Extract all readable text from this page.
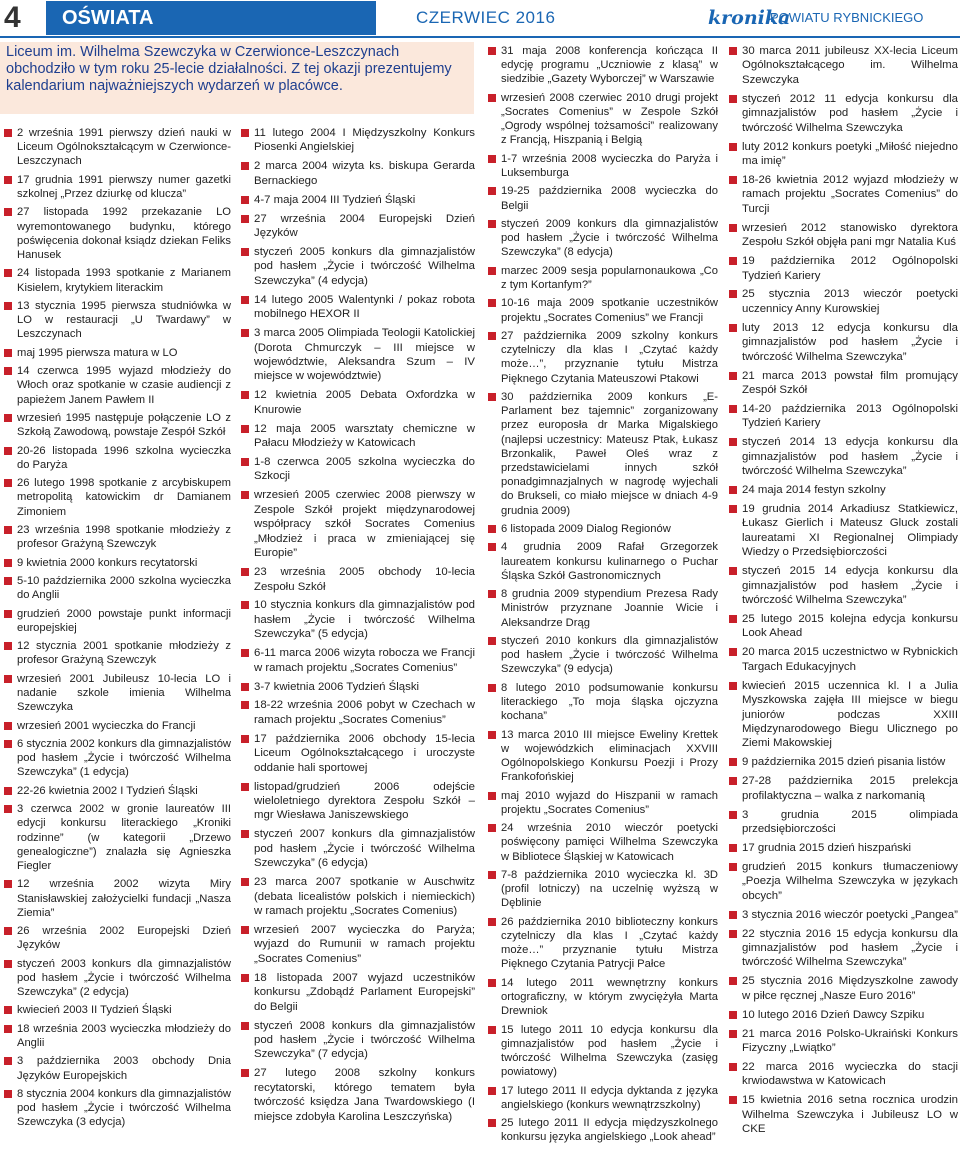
4	OŚWIATA	CZERWIEC 2016	kronika
POWIATU RYBNICKIEGO
Liceum im. Wilhelma Szewczyka w Czerwioncе-Leszczynach obchodziło w tym roku 25-lecie działalności. Z tej okazji prezentujemy kalendarium najważniejszych wydarzeń w placówce.
2 września 1991 pierwszy dzień nauki w Liceum Ogólnokształcącym w Czerwionce-Leszczynach
17 grudnia 1991 pierwszy numer gazetki szkolnej „Przez dziurkę od klucza”
27 listopada 1992 przekazanie LO wyremontowanego budynku, którego poświęcenia dokonał ksiądz dziekan Feliks Hanusek
24 listopada 1993 spotkanie z Marianem Kisielem, krytykiem literackim
13 stycznia 1995 pierwsza studniówka w LO w restauracji „U Twardawy” w Leszczynach
maj 1995 pierwsza matura w LO
14 czerwca 1995 wyjazd młodzieży do Włoch oraz spotkanie w czasie audiencji z papieżem Janem Pawłem II
wrzesień 1995 następuje połączenie LO z Szkołą Zawodową, powstaje Zespół Szkół
20-26 listopada 1996 szkolna wycieczka do Paryża
26 lutego 1998 spotkanie z arcybiskupem metropolitą katowickim dr Damianem Zimoniem
23 września 1998 spotkanie młodzieży z profesor Grażyną Szewczyk
9 kwietnia 2000 konkurs recytatorski
5-10 października 2000 szkolna wycieczka do Anglii
grudzień 2000 powstaje punkt informacji europejskiej
12 stycznia 2001 spotkanie młodzieży z profesor Grażyną Szewczyk
wrzesień 2001 Jubileusz 10-lecia LO i nadanie szkole imienia Wilhelma Szewczyka
wrzesień 2001 wycieczka do Francji
6 stycznia 2002 konkurs dla gimnazjalistów pod hasłem „Życie i twórczość Wilhelma Szewczyka” (1 edycja)
22-26 kwietnia 2002 I Tydzień Śląski
3 czerwca 2002 w gronie laureatów III edycji konkursu literackiego „Kroniki rodzinne” (w kategorii „Drzewo genealogiczne”) znalazła się Agnieszka Fiegler
12 września 2002 wizyta Miry Stanisławskiej założycielki fundacji „Nasza Ziemia”
26 września 2002 Europejski Dzień Języków
styczeń 2003 konkurs dla gimnazjalistów pod hasłem „Życie i twórczość Wilhelma Szewczyka” (2 edycja)
kwiecień 2003 II Tydzień Śląski
18 września 2003 wycieczka młodzieży do Anglii
3 października 2003 obchody Dnia Języków Europejskich
8 stycznia 2004 konkurs dla gimnazjalistów pod hasłem „Życie i twórczość Wilhelma Szewczyka (3 edycja)
11 lutego 2004 I Międzyszkolny Konkurs Piosenki Angielskiej
2 marca 2004 wizyta ks. biskupa Gerarda Bernackiego
4-7 maja 2004 III Tydzień Śląski
27 września 2004 Europejski Dzień Języków
styczeń 2005 konkurs dla gimnazjalistów pod hasłem „Życie i twórczość Wilhelma Szewczyka” (4 edycja)
14 lutego 2005 Walentynki / pokaz robota mobilnego HEXOR II
3 marca 2005 Olimpiada Teologii Katolickiej (Dorota Chmurczyk – III miejsce w województwie, Aleksandra Szum – IV miejsce w województwie)
12 kwietnia 2005 Debata Oxfordzka w Knurowie
12 maja 2005 warsztaty chemiczne w Pałacu Młodzieży w Katowicach
1-8 czerwca 2005 szkolna wycieczka do Szkocji
wrzesień 2005 czerwiec 2008 pierwszy w Zespole Szkół projekt międzynarodowej współpracy szkół Socrates Comenius „Młodzież i praca w zmieniającej się Europie”
23 września 2005 obchody 10-lecia Zespołu Szkół
10 stycznia konkurs dla gimnazjalistów pod hasłem „Życie i twórczość Wilhelma Szewczyka” (5 edycja)
6-11 marca 2006 wizyta robocza we Francji w ramach projektu „Socrates Comenius”
3-7 kwietnia 2006 Tydzień Śląski
18-22 września 2006 pobyt w Czechach w ramach projektu „Socrates Comenius”
17 października 2006 obchody 15-lecia Liceum Ogólnokształcącego i uroczyste oddanie hali sportowej
listopad/grudzień 2006 odejście wieloletniego dyrektora Zespołu Szkół – mgr Wiesława Janiszewskiego
styczeń 2007 konkurs dla gimnazjalistów pod hasłem „Życie i twórczość Wilhelma Szewczyka” (6 edycja)
23 marca 2007 spotkanie w Auschwitz (debata licealistów polskich i niemieckich) w ramach projektu „Socrates Comenius)
wrzesień 2007 wycieczka do Paryża; wyjazd do Rumunii w ramach projektu „Socrates Comenius”
18 listopada 2007 wyjazd uczestników konkursu „Zdobądź Parlament Europejski” do Belgii
styczeń 2008 konkurs dla gimnazjalistów pod hasłem „Życie i twórczość Wilhelma Szewczyka” (7 edycja)
27 lutego 2008 szkolny konkurs recytatorski, którego tematem była twórczość księdza Jana Twardowskiego (I miejsce zdobyła Karolina Leszczyńska)
31 maja 2008 konferencja kończąca II edycję programu „Uczniowie z klasą” w siedzibie „Gazety Wyborczej” w Warszawie
wrzesień 2008 czerwiec 2010 drugi projekt „Socrates Comenius” w Zespole Szkół „Ogrody wspólnej tożsamości” realizowany z Francją, Hiszpanią i Belgią
1-7 września 2008 wycieczka do Paryża i Luksemburga
19-25 października 2008 wycieczka do Belgii
styczeń 2009 konkurs dla gimnazjalistów pod hasłem „Życie i twórczość Wilhelma Szewczyka” (8 edycja)
marzec 2009 sesja popularnonaukowa „Co z tym Kortanfym?”
10-16 maja 2009 spotkanie uczestników projektu „Socrates Comenius” we Francji
27 października 2009 szkolny konkurs czytelniczy dla klas I „Czytać każdy może…”, przyznanie tytułu Mistrza Pięknego Czytania Mateuszowi Ptakowi
30 października 2009 konkurs „E-Parlament bez tajemnic” zorganizowany przez europosła dr Marka Migalskiego (najlepsi uczestnicy: Mateusz Ptak, Łukasz Brzonkalik, Paweł Oleś wraz z przedstawicielami innych szkół ponadgimnazjalnych w nagrodę wyjechali do Brukseli, co miało miejsce w dniach 4-9 grudnia 2009)
6 listopada 2009 Dialog Regionów
4 grudnia 2009 Rafał Grzegorzek laureatem konkursu kulinarnego o Puchar Śląska Szkół Gastronomicznych
8 grudnia 2009 stypendium Prezesa Rady Ministrów przyznane Joannie Wicie i Aleksandrze Drąg
styczeń 2010 konkurs dla gimnazjalistów pod hasłem „Życie i twórczość Wilhelma Szewczyka” (9 edycja)
8 lutego 2010 podsumowanie konkursu literackiego „To moja śląska ojczyzna kochana”
13 marca 2010 III miejsce Eweliny Krettek w wojewódzkich eliminacjach XXVIII Ogólnopolskiego Konkursu Poezji i Prozy Frankofońskiej
maj 2010 wyjazd do Hiszpanii w ramach projektu „Socrates Comenius”
24 września 2010 wieczór poetycki poświęcony pamięci Wilhelma Szewczyka w Bibliotece Śląskiej w Katowicach
7-8 października 2010 wycieczka kl. 3D (profil lotniczy) na uczelnię wyższą w Dęblinie
26 października 2010 biblioteczny konkurs czytelniczy dla klas I „Czytać każdy może…” przyznanie tytułu Mistrza Pięknego Czytania Patrycji Pałce
14 lutego 2011 wewnętrzny konkurs ortograficzny, w którym zwyciężyła Marta Drewniok
15 lutego 2011 10 edycja konkursu dla gimnazjalistów pod hasłem „Życie i twórczość Wilhelma Szewczyka (zasięg powiatowy)
17 lutego 2011 II edycja dyktanda z języka angielskiego (konkurs wewnątrzszkolny)
25 lutego 2011 II edycja międzyszkolnego konkursu języka angielskiego „Look ahead”
30 marca 2011 jubileusz XX-lecia Liceum Ogólnokształcącego im. Wilhelma Szewczyka
styczeń 2012 11 edycja konkursu dla gimnazjalistów pod hasłem „Życie i twórczość Wilhelma Szewczyka
luty 2012 konkurs poetyki „Miłość niejedno ma imię”
18-26 kwietnia 2012 wyjazd młodzieży w ramach projektu „Socrates Comenius” do Turcji
wrzesień 2012 stanowisko dyrektora Zespołu Szkół objęła pani mgr Natalia Kuś
19 października 2012 Ogólnopolski Tydzień Kariery
25 stycznia 2013 wieczór poetycki uczennicy Anny Kurowskiej
luty 2013 12 edycja konkursu dla gimnazjalistów pod hasłem „Życie i twórczość Wilhelma Szewczyka”
21 marca 2013 powstał film promujący Zespół Szkół
14-20 października 2013 Ogólnopolski Tydzień Kariery
styczeń 2014 13 edycja konkursu dla gimnazjalistów pod hasłem „Życie i twórczość Wilhelma Szewczyka”
24 maja 2014 festyn szkolny
19 grudnia 2014 Arkadiusz Statkiewicz, Łukasz Gierlich i Mateusz Gluck zostali laureatami XI Regionalnej Olimpiady Wiedzy o Przedsiębiorczości
styczeń 2015 14 edycja konkursu dla gimnazjalistów pod hasłem „Życie i twórczość Wilhelma Szewczyka”
25 lutego 2015 kolejna edycja konkursu Look Ahead
20 marca 2015 uczestnictwo w Rybnickich Targach Edukacyjnych
kwiecień 2015 uczennica kl. I a Julia Myszkowska zajęła III miejsce w biegu juniorów podczas XXIII Międzynarodowego Biegu Ulicznego po Ziemi Makowskiej
9 października 2015 dzień pisania listów
27-28 października 2015 prelekcja profilaktyczna – walka z narkomanią
3 grudnia 2015 olimpiada przedsiębiorczości
17 grudnia 2015 dzień hiszpański
grudzień 2015 konkurs tłumaczeniowy „Poezja Wilhelma Szewczyka w językach obcych”
3 stycznia 2016 wieczór poetycki „Pangea”
22 stycznia 2016 15 edycja konkursu dla gimnazjalistów pod hasłem „Życie i twórczość Wilhelma Szewczyka”
25 stycznia 2016 Międzyszkolne zawody w piłce ręcznej „Nasze Euro 2016”
10 lutego 2016 Dzień Dawcy Szpiku
21 marca 2016 Polsko-Ukraiński Konkurs Fizyczny „Lwiątko”
22 marca 2016 wycieczka do stacji krwiodawstwa w Katowicach
15 kwietnia 2016 setna rocznica urodzin Wilhelma Szewczyka i Jubileusz LO w CKE
